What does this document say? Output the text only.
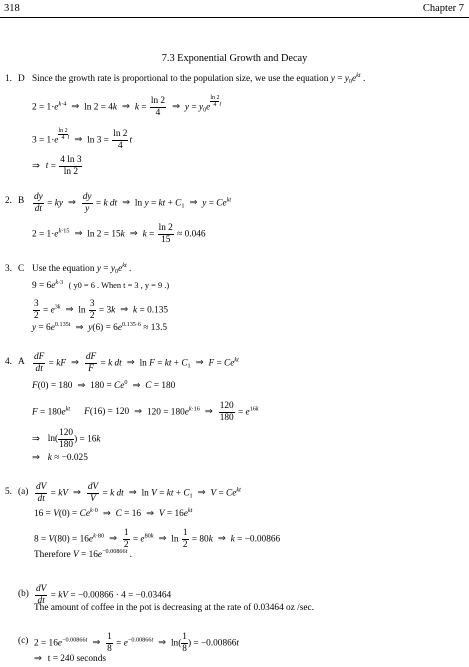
318	Chapter 7
7.3 Exponential Growth and Decay
1. D Since the growth rate is proportional to the population size, we use the equation $y = y_0e^{kt}$ .
$2 = 1\cdot e^{k\cdot 4}$ ⇒ ln 2 = 4k ⇒ $k = \frac{\ln 2}{4}$ ⇒ $y = y_0e \frac{\ln 2}{4} ^t$
$3 = 1\cdot e \frac{\ln 2}{4} ^t$ ⇒ $\ln 3 = \frac{\ln 2}{4}$ t
⇒ $t = \frac{4 \ln 3}{\ln 2}$
2. B $\frac{dy}{dt}$ = ky ⇒ $\frac{dy}{y} = k$ dt ⇒ ln y = kt + $C_1$ ⇒ $y = Ce^{kt}$
$2 = 1\cdot e^{k\cdot 15}$ ⇒ ln 2 = 15k ⇒ $k = \frac{\ln 2}{15} \approx 0.046$
3. C Use the equation $y = y_0e^{kt}$ .
$9 = 6e^{k\cdot 3}$ ( y0 = 6 . When t = 3 , y = 9 .)
$\frac{3}{2} = e^{3k}$ ⇒ $\ln \frac{3}{2} = 3k$ ⇒ k = 0.135
$y = 6e^{0.135t}$ ⇒ $y(6) = 6e^{0.135\cdot 6} \approx 13.5$
4. A $\frac{dF}{dt}$ = kF ⇒ $\frac{dF}{F} = k$ dt ⇒ ln F = kt + $C_1$ ⇒ $F = Ce^{kt}$
F(0) = 180 ⇒ $180 = Ce^0$ ⇒ C = 180
$F = 180e^{kt}$ F(16) = 120 ⇒ $120 = 180e^{k\cdot 16}$ ⇒ $\frac{120}{180} = e^{16k}$
⇒ $\ln( \frac{120}{180}$ ) = 16k
⇒ k ≈ −0.025
5. $(a) \frac{dV}{dt}$ = kV ⇒ $\frac{dV}{V} = k$ dt ⇒ ln V = kt + $C_1$ ⇒ $V = Ce^{kt}$
$16 = V(0) = Ce^{k\cdot 0}$ ⇒ C = 16 ⇒ $V = 16e^{kt}$
$8 = V(80) = 16e^{k\cdot 80}$ ⇒ $\frac{1}{2} = e^{80k}$ ⇒ $\ln \frac{1}{2} = 80k$ ⇒ k = −0.00866
Therefore $V = 16e^{-0.00866t}$ .
$(b) \frac{dV}{dt}$ = kV = −0.00866 · 4 = −0.03464
The amount of coffee in the pot is decreasing at the rate of 0.03464 oz /sec.
(c) $2 = 16e^{-0.00866t}$ ⇒ $\frac{1}{8} = e^{-0.00866t}$ ⇒ $\ln( \frac{1}{8}$ ) = −0.00866t
⇒ t = 240 seconds
